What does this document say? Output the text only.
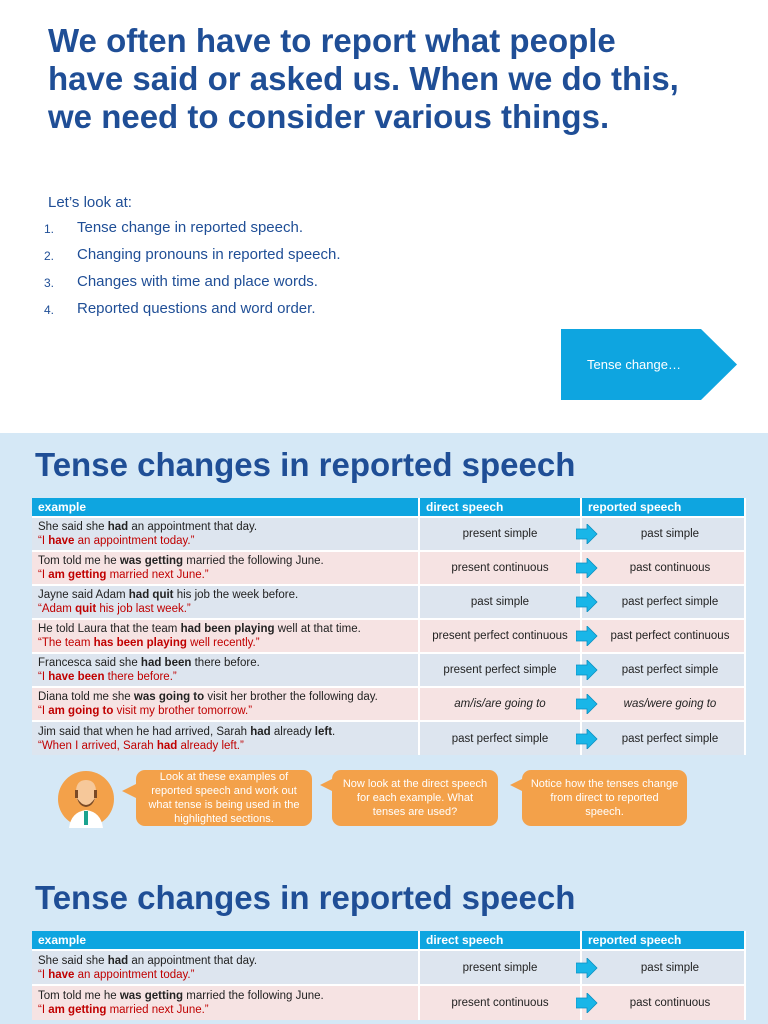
We often have to report what people have said or asked us. When we do this, we need to consider various things.

Let’s look at:

1.	Tense change in reported speech.
2.	Changing pronouns in reported speech.
3.	Changes with time and place words.
4.	Reported questions and word order.
Tense change…
Tense changes in reported speech
example	direct speech	reported speech

She said she had an appointment that day.
“I have an appointment today.”	present simple	past simple

Tom told me he was getting married the following June.
“I am getting married next June.”	present continuous	past continuous

Jayne said Adam had quit his job the week before.
“Adam quit his job last week.”	past simple	past perfect simple

He told Laura that the team had been playing well at that time.
“The team has been playing well recently.”	present perfect continuous	past perfect continuous

Francesca said she had been there before.
“I have been there before.”	present perfect simple	past perfect simple

Diana told me she was going to visit her brother the following day.
“I am going to visit my brother tomorrow.”	am/is/are going to	was/were going to

Jim said that when he had arrived, Sarah had already left.
“When I arrived, Sarah had already left.”	past perfect simple	past perfect simple
Look at these examples of reported speech and work out what tense is being used in the highlighted sections.
Now look at the direct speech for each example. What tenses are used?
Notice how the tenses change from direct to reported speech.
Tense changes in reported speech
example	direct speech	reported speech

She said she had an appointment that day.
“I have an appointment today.”	present simple	past simple

Tom told me he was getting married the following June.
“I am getting married next June.”	present continuous	past continuous
